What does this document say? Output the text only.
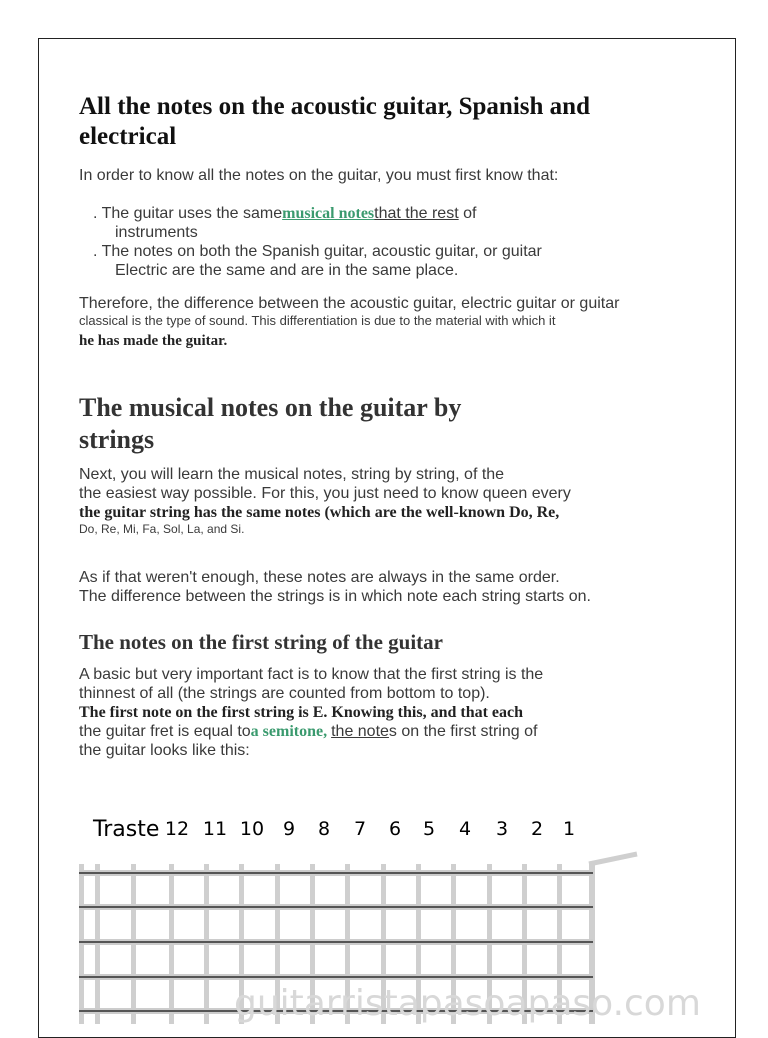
All the notes on the acoustic guitar, Spanish and electrical

In order to know all the notes on the guitar, you must first know that:

. The guitar uses the samemusical notesthat the rest of
instruments
. The notes on both the Spanish guitar, acoustic guitar, or guitar
Electric are the same and are in the same place.

Therefore, the difference between the acoustic guitar, electric guitar or guitar

classical is the type of sound. This differentiation is due to the material with which it

he has made the guitar.

The musical notes on the guitar by strings

Next, you will learn the musical notes, string by string, of the

the easiest way possible. For this, you just need to know queen every

the guitar string has the same notes (which are the well-known Do, Re,

Do, Re, Mi, Fa, Sol, La, and Si.

As if that weren't enough, these notes are always in the same order.

The difference between the strings is in which note each string starts on.

The notes on the first string of the guitar

A basic but very important fact is to know that the first string is the

thinnest of all (the strings are counted from bottom to top).

The first note on the first string is E. Knowing this, and that each

the guitar fret is equal toa semitone, the notes on the first string of

the guitar looks like this:

Traste 12 11 10 9 8 7 6 5 4 3 2 1
guitarristapasoapaso.com
